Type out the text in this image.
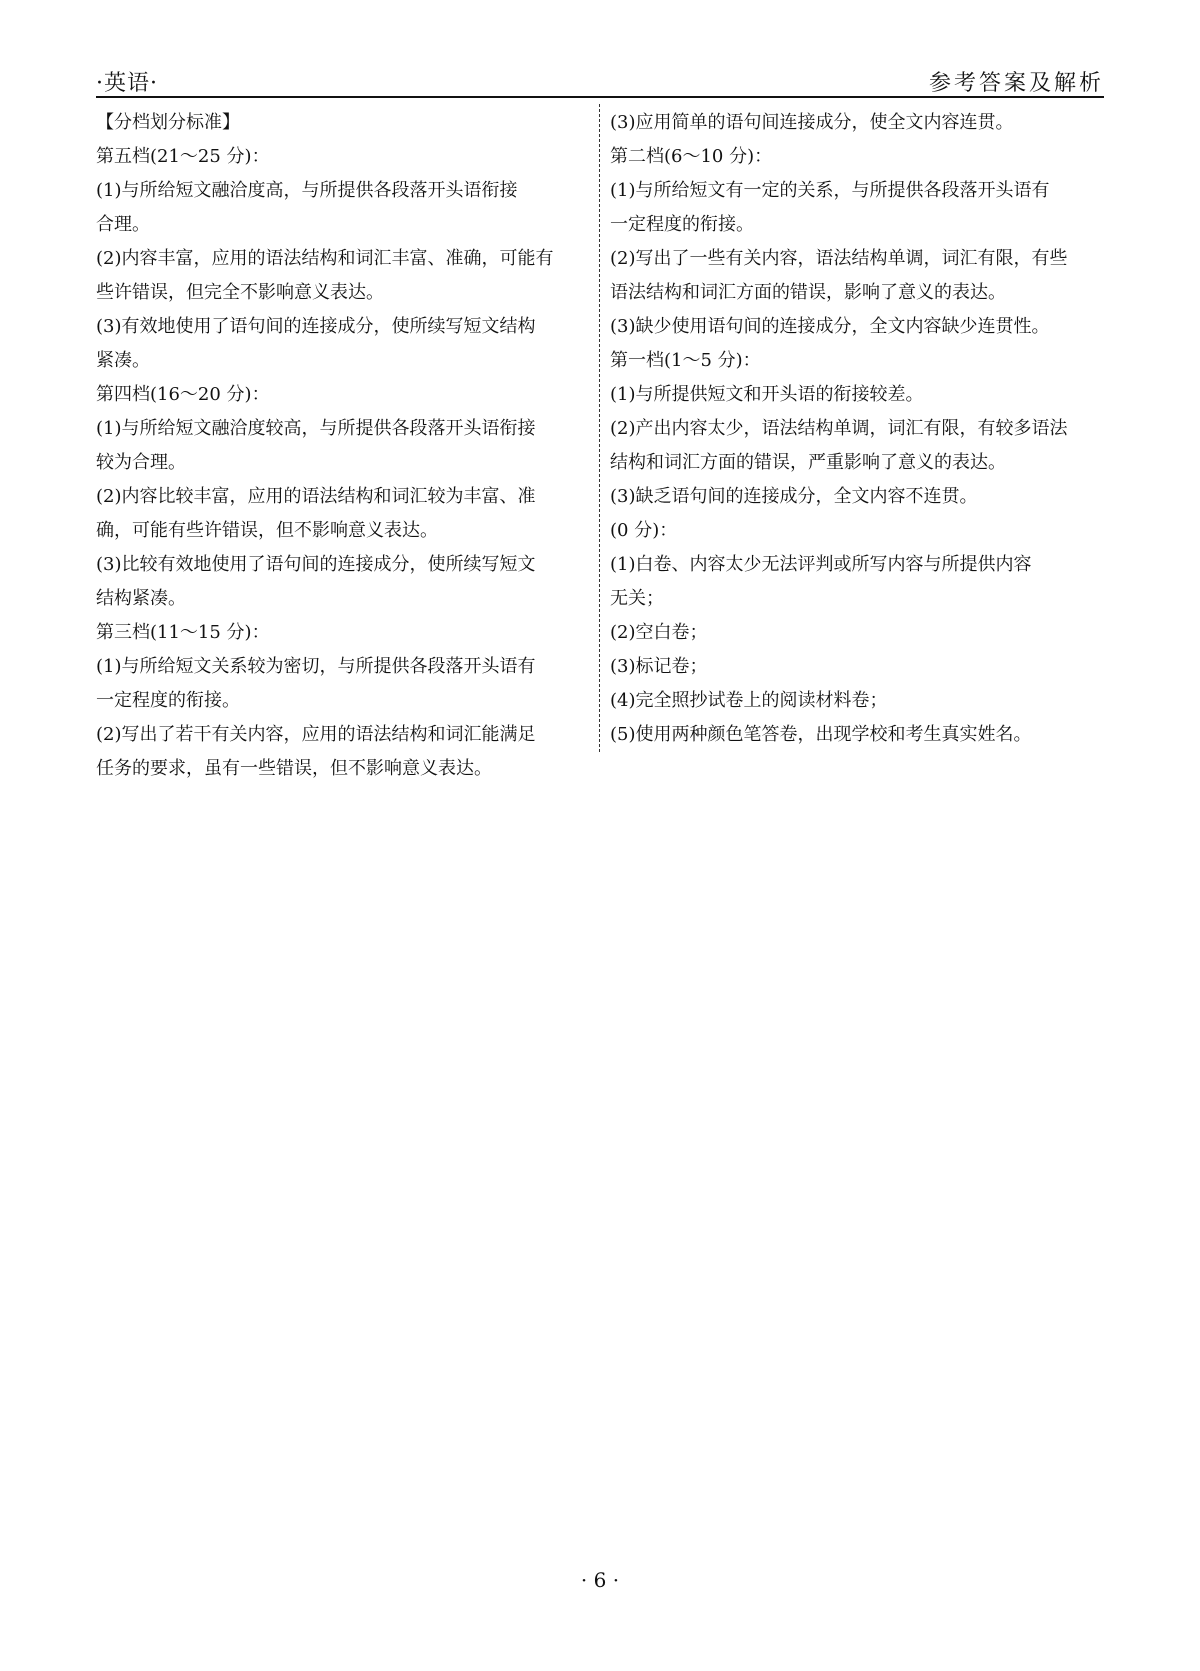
·英语·	参考答案及解析
【分档划分标准】
第五档(21～25 分)：
(1)与所给短文融洽度高，与所提供各段落开头语衔接
合理。
(2)内容丰富，应用的语法结构和词汇丰富、准确，可能有
些许错误，但完全不影响意义表达。
(3)有效地使用了语句间的连接成分，使所续写短文结构
紧凑。
第四档(16～20 分)：
(1)与所给短文融洽度较高，与所提供各段落开头语衔接
较为合理。
(2)内容比较丰富，应用的语法结构和词汇较为丰富、准
确，可能有些许错误，但不影响意义表达。
(3)比较有效地使用了语句间的连接成分，使所续写短文
结构紧凑。
第三档(11～15 分)：
(1)与所给短文关系较为密切，与所提供各段落开头语有
一定程度的衔接。
(2)写出了若干有关内容，应用的语法结构和词汇能满足
任务的要求，虽有一些错误，但不影响意义表达。
(3)应用简单的语句间连接成分，使全文内容连贯。
第二档(6～10 分)：
(1)与所给短文有一定的关系，与所提供各段落开头语有
一定程度的衔接。
(2)写出了一些有关内容，语法结构单调，词汇有限，有些
语法结构和词汇方面的错误，影响了意义的表达。
(3)缺少使用语句间的连接成分，全文内容缺少连贯性。
第一档(1～5 分)：
(1)与所提供短文和开头语的衔接较差。
(2)产出内容太少，语法结构单调，词汇有限，有较多语法
结构和词汇方面的错误，严重影响了意义的表达。
(3)缺乏语句间的连接成分，全文内容不连贯。
(0 分)：
(1)白卷、内容太少无法评判或所写内容与所提供内容
无关；
(2)空白卷；
(3)标记卷；
(4)完全照抄试卷上的阅读材料卷；
(5)使用两种颜色笔答卷，出现学校和考生真实姓名。
· 6 ·
